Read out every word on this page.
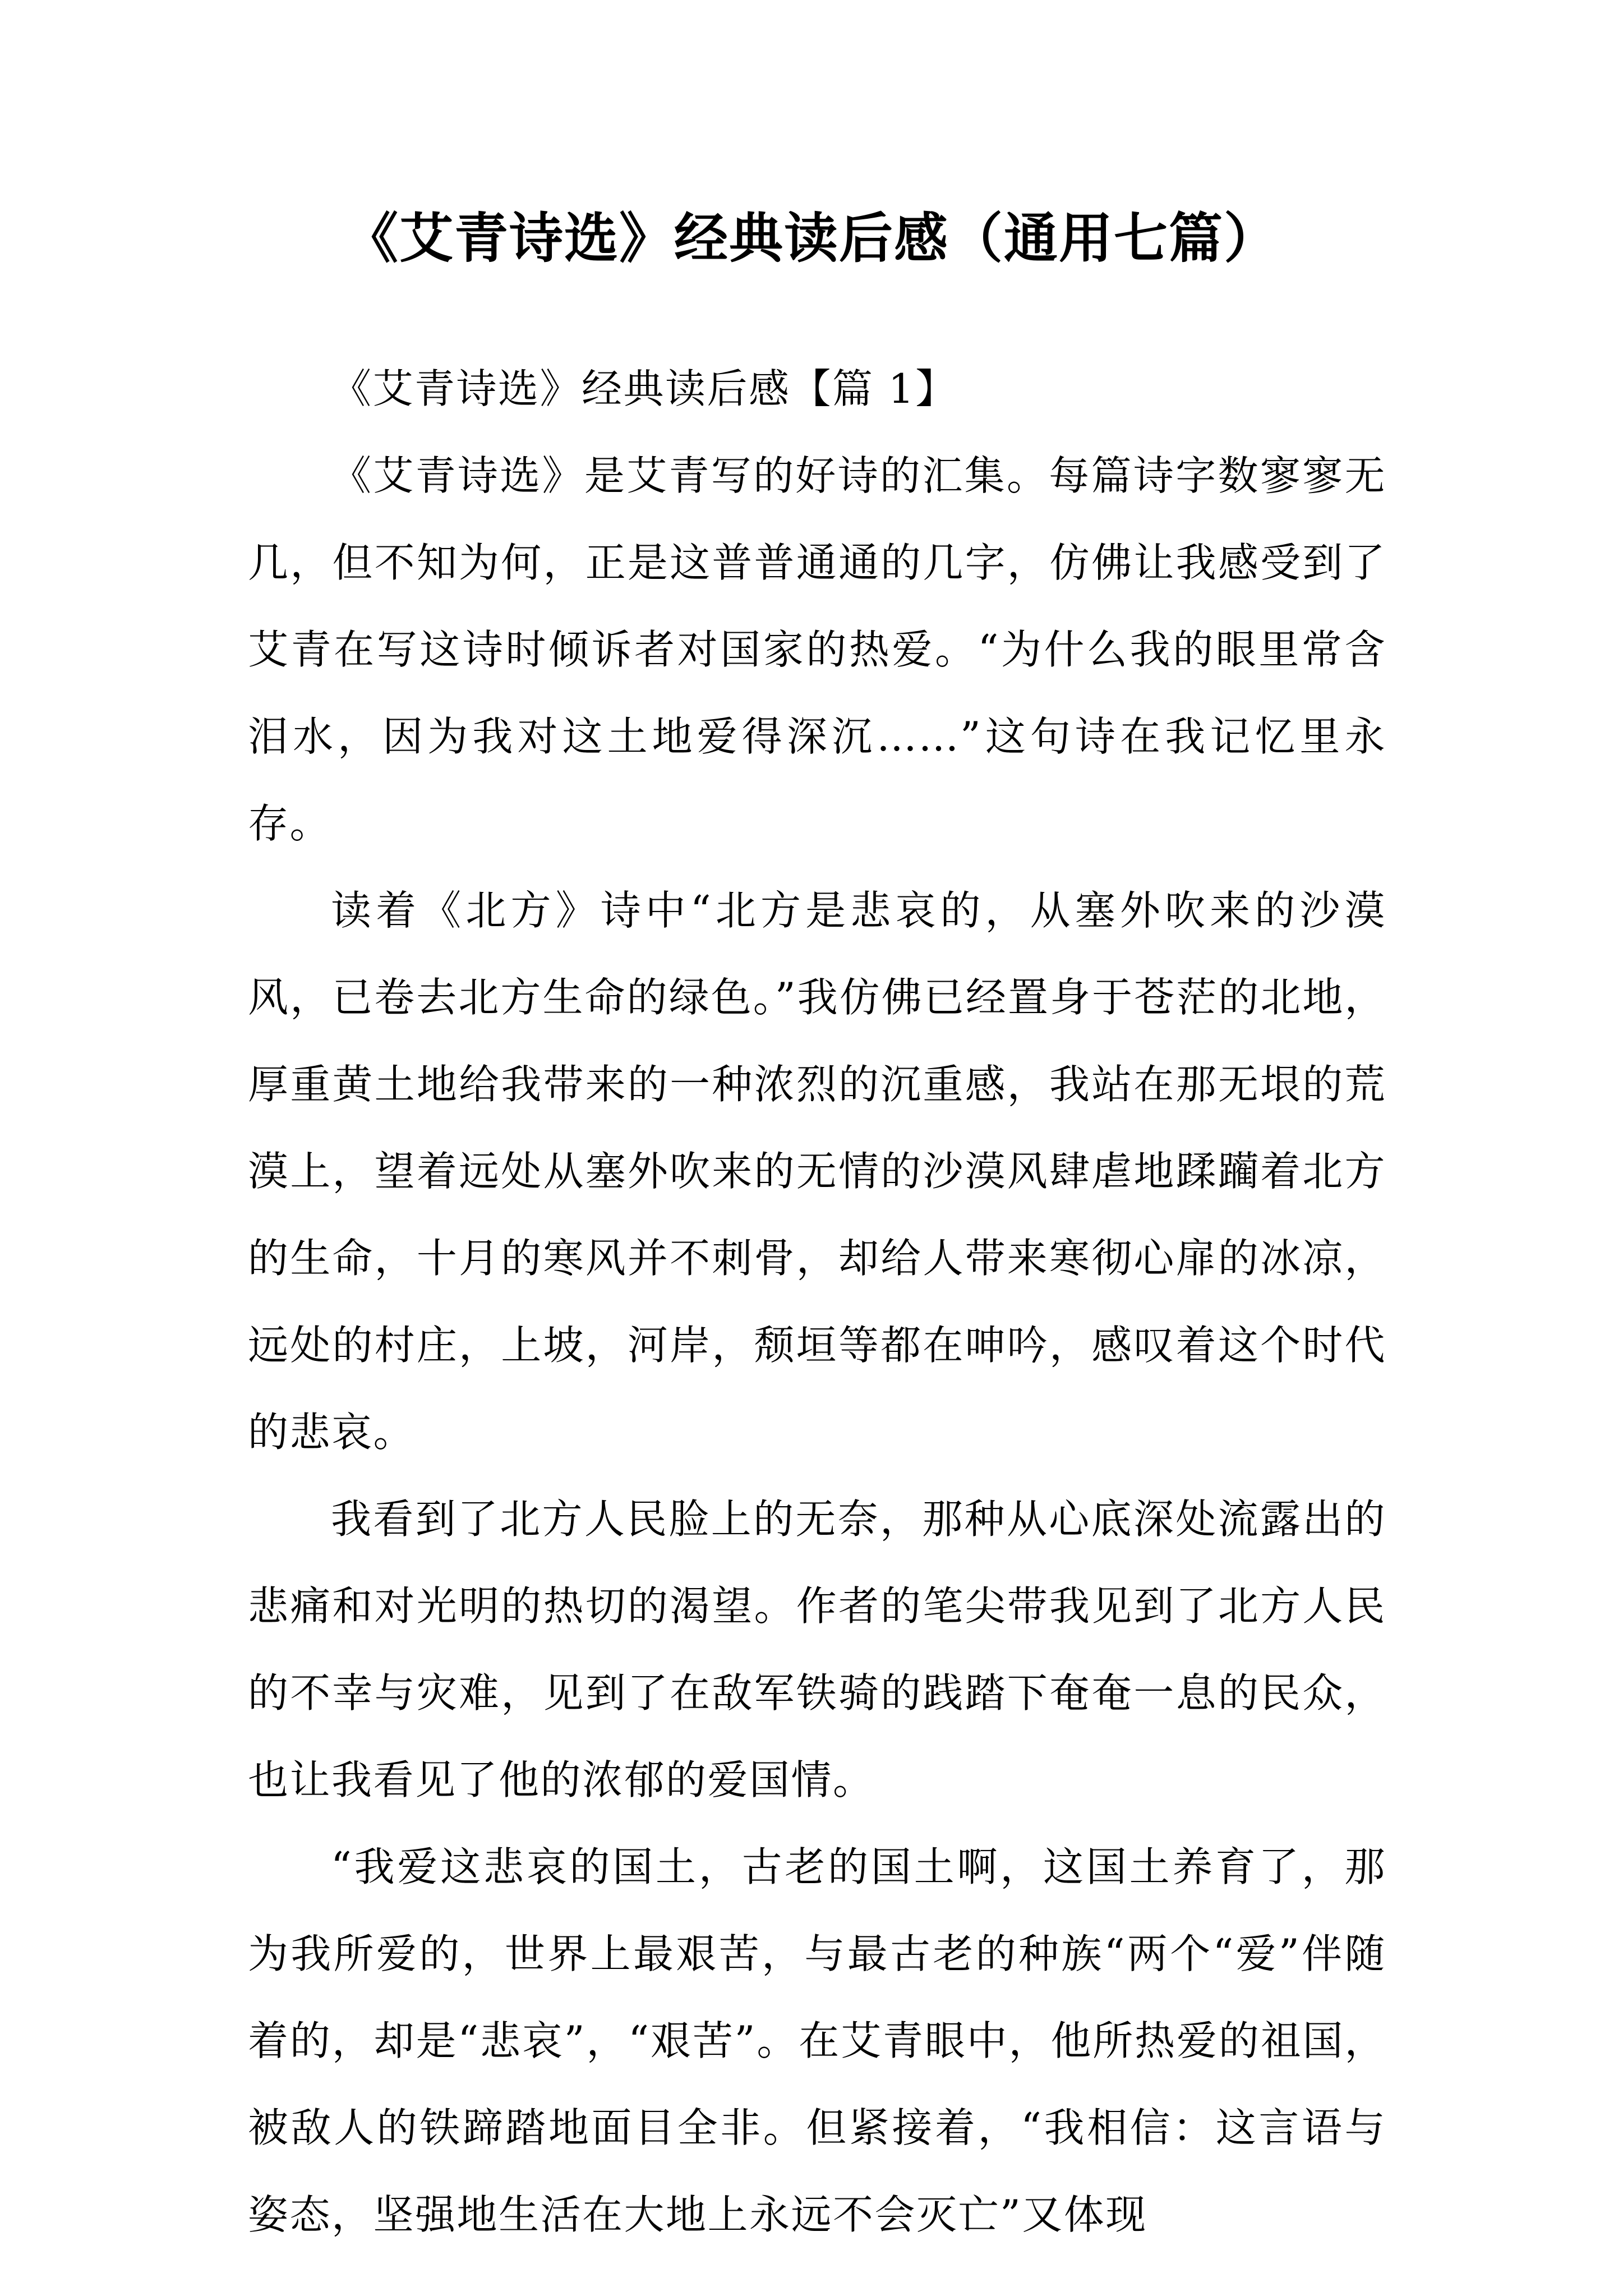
《艾青诗选》经典读后感（通用七篇）

《艾青诗选》经典读后感【篇 1】

《艾青诗选》是艾青写的好诗的汇集。每篇诗字数寥寥无几，但不知为何，正是这普普通通的几字，仿佛让我感受到了艾青在写这诗时倾诉者对国家的热爱。“为什么我的眼里常含泪水，因为我对这土地爱得深沉……”这句诗在我记忆里永存。

读着《北方》诗中“北方是悲哀的，从塞外吹来的沙漠风，已卷去北方生命的绿色。”我仿佛已经置身于苍茫的北地，厚重黄土地给我带来的一种浓烈的沉重感，我站在那无垠的荒漠上，望着远处从塞外吹来的无情的沙漠风肆虐地蹂躏着北方的生命，十月的寒风并不刺骨，却给人带来寒彻心扉的冰凉，远处的村庄，上坡，河岸，颓垣等都在呻吟，感叹着这个时代的悲哀。

我看到了北方人民脸上的无奈，那种从心底深处流露出的悲痛和对光明的热切的渴望。作者的笔尖带我见到了北方人民的不幸与灾难，见到了在敌军铁骑的践踏下奄奄一息的民众，也让我看见了他的浓郁的爱国情。

“我爱这悲哀的国土，古老的国土啊，这国土养育了，那为我所爱的，世界上最艰苦，与最古老的种族“两个“爱”伴随着的，却是“悲哀”，“艰苦”。在艾青眼中，他所热爱的祖国，被敌人的铁蹄踏地面目全非。但紧接着，“我相信：这言语与姿态，坚强地生活在大地上永远不会灭亡”又体现
